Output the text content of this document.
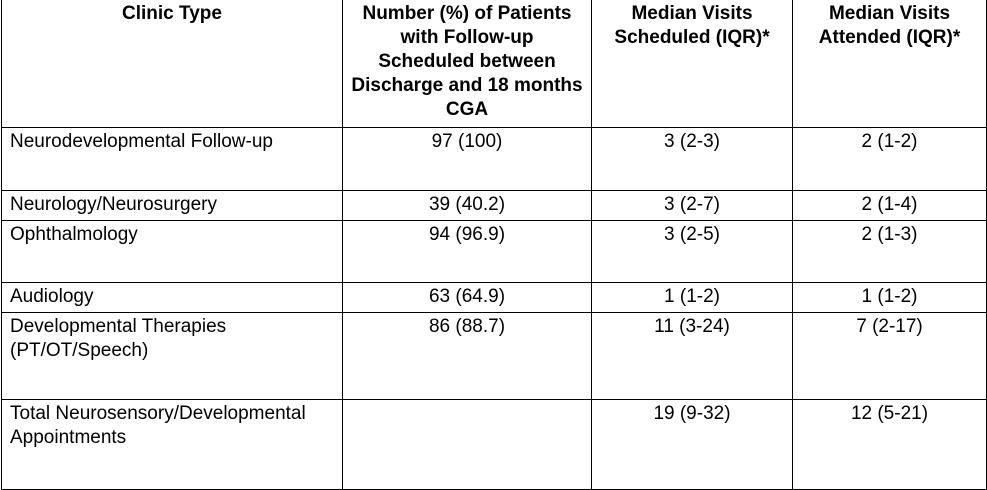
Clinic Type	Number (%) of Patients with Follow-up Scheduled between Discharge and 18 months CGA	Median Visits Scheduled (IQR)*	Median Visits Attended (IQR)*
Neurodevelopmental Follow-up	97 (100)	3 (2-3)	2 (1-2)
Neurology/Neurosurgery	39 (40.2)	3 (2-7)	2 (1-4)
Ophthalmology	94 (96.9)	3 (2-5)	2 (1-3)
Audiology	63 (64.9)	1 (1-2)	1 (1-2)
Developmental Therapies (PT/OT/Speech)	86 (88.7)	11 (3-24)	7 (2-17)
Total Neurosensory/Developmental Appointments		19 (9-32)	12 (5-21)
